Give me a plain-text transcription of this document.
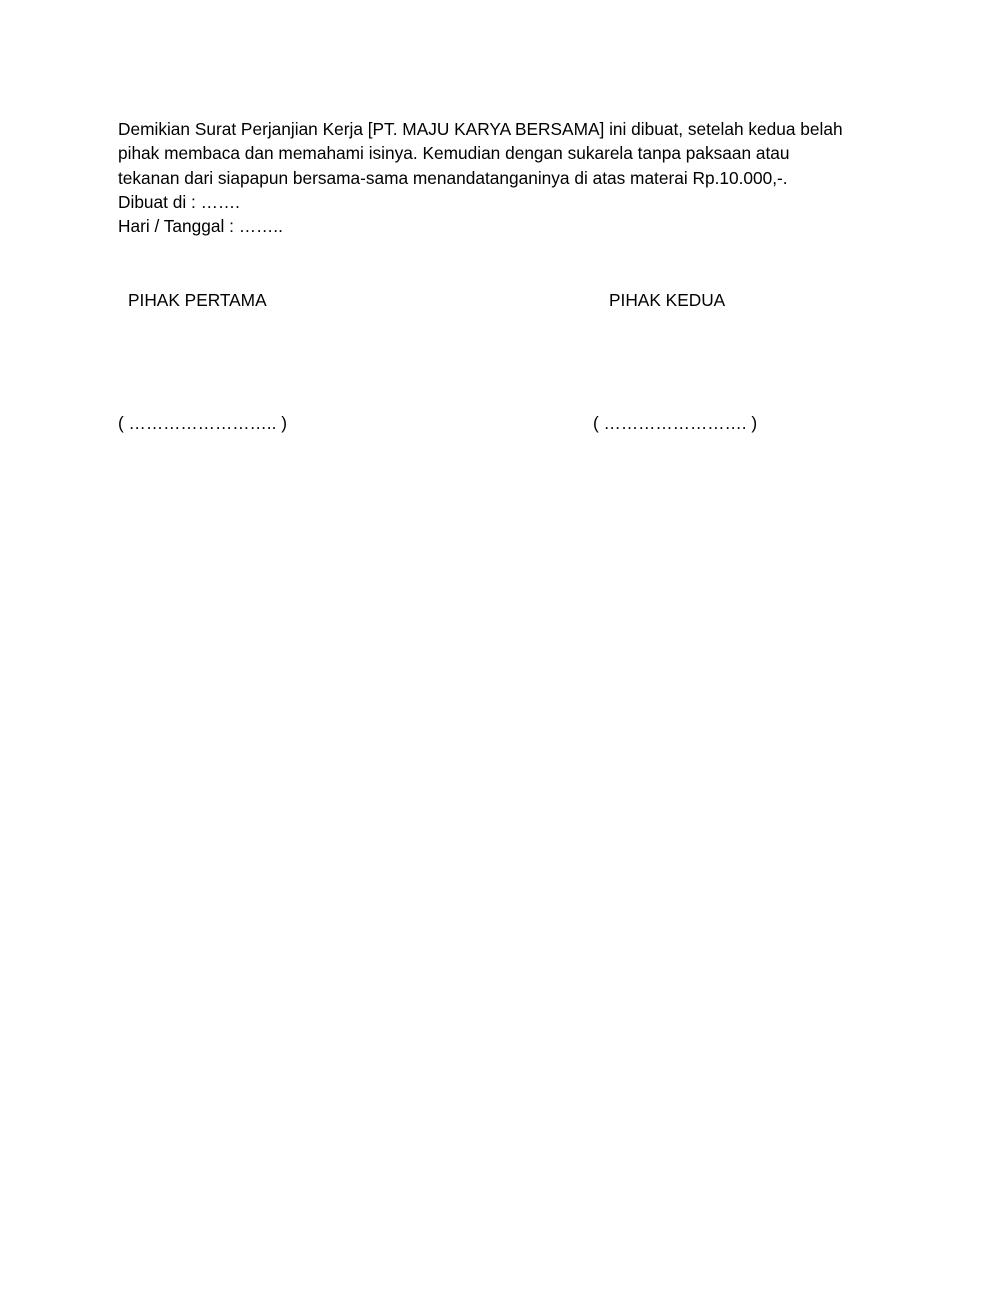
Demikian Surat Perjanjian Kerja [PT. MAJU KARYA BERSAMA] ini dibuat, setelah kedua belah
pihak membaca dan memahami isinya. Kemudian dengan sukarela tanpa paksaan atau
tekanan dari siapapun bersama-sama menandatanganinya di atas materai Rp.10.000,-.

Dibuat di : …….

Hari / Tanggal : ……..

PIHAK PERTAMA	PIHAK KEDUA

( …………………….. )	( ……………………. )
